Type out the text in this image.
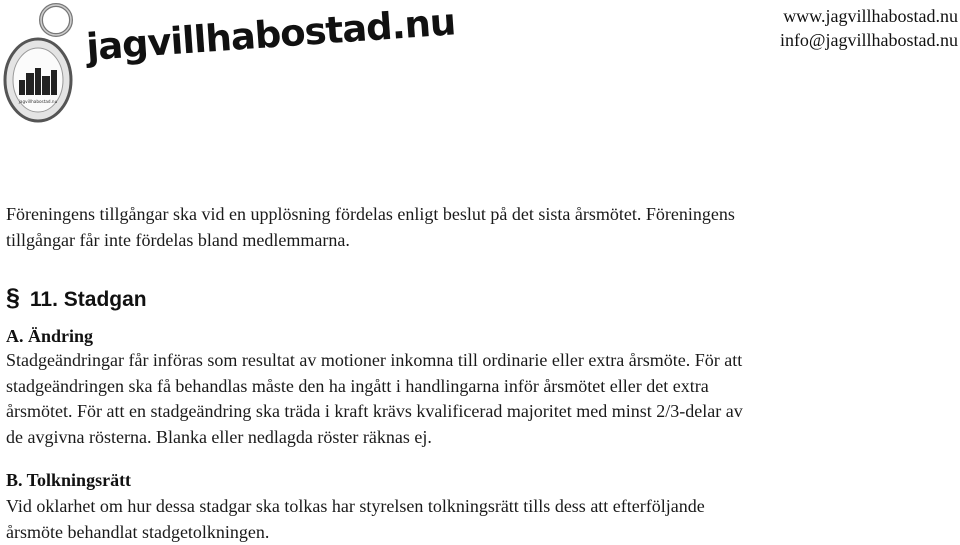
jagvillhabostad.nu
jagvillhabostad.nu	www.jagvillhabostad.nu
info@jagvillhabostad.nu

Föreningens tillgångar ska vid en upplösning fördelas enligt beslut på det sista årsmötet. Föreningens
tillgångar får inte fördelas bland medlemmarna.

§ 11. Stadgan
A. Ändring

Stadgeändringar får införas som resultat av motioner inkomna till ordinarie eller extra årsmöte. För att
stadgeändringen ska få behandlas måste den ha ingått i handlingarna inför årsmötet eller det extra
årsmötet. För att en stadgeändring ska träda i kraft krävs kvalificerad majoritet med minst 2/3-delar av
de avgivna rösterna. Blanka eller nedlagda röster räknas ej.

B. Tolkningsrätt

Vid oklarhet om hur dessa stadgar ska tolkas har styrelsen tolkningsrätt tills dess att efterföljande
årsmöte behandlat stadgetolkningen.
